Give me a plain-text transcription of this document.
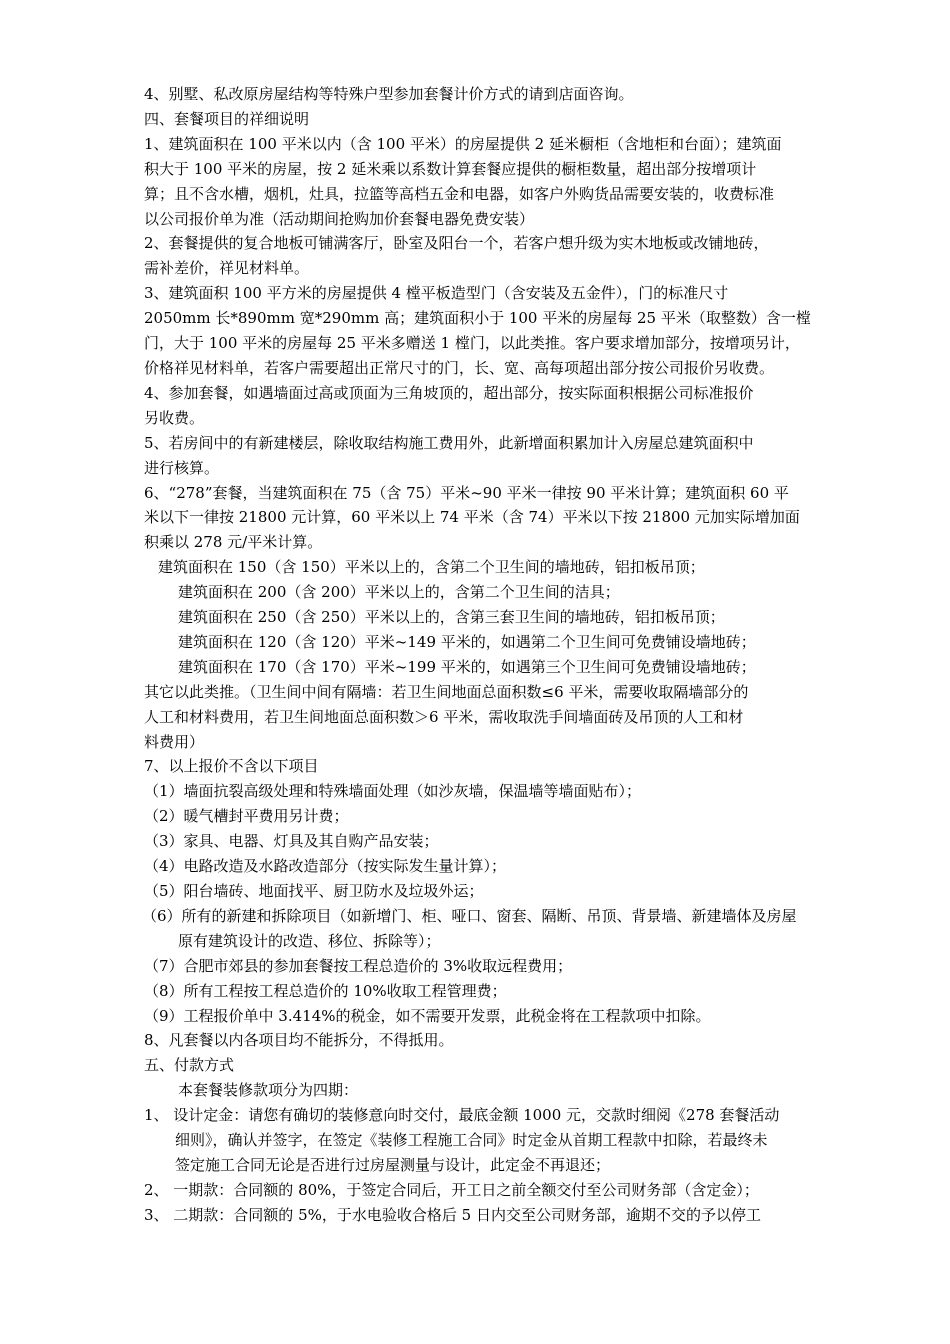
4、别墅、私改原房屋结构等特殊户型参加套餐计价方式的请到店面咨询。
四、套餐项目的祥细说明
1、建筑面积在 100 平米以内（含 100 平米）的房屋提供 2 延米橱柜（含地柜和台面）；建筑面
积大于 100 平米的房屋，按 2 延米乘以系数计算套餐应提供的橱柜数量，超出部分按增项计
算；且不含水槽，烟机，灶具，拉篮等高档五金和电器，如客户外购货品需要安装的，收费标准
以公司报价单为准（活动期间抢购加价套餐电器免费安装）
2、套餐提供的复合地板可铺满客厅，卧室及阳台一个，若客户想升级为实木地板或改铺地砖，
需补差价，祥见材料单。
3、建筑面积 100 平方米的房屋提供 4 樘平板造型门（含安装及五金件），门的标准尺寸
2050mm 长*890mm 宽*290mm 高；建筑面积小于 100 平米的房屋每 25 平米（取整数）含一樘
门，大于 100 平米的房屋每 25 平米多赠送 1 樘门，以此类推。客户要求增加部分，按增项另计，
价格祥见材料单，若客户需要超出正常尺寸的门，长、宽、高每项超出部分按公司报价另收费。
4、参加套餐，如遇墙面过高或顶面为三角坡顶的，超出部分，按实际面积根据公司标准报价
另收费。
5、若房间中的有新建楼层，除收取结构施工费用外，此新增面积累加计入房屋总建筑面积中
进行核算。
6、“278”套餐，当建筑面积在 75（含 75）平米~90 平米一律按 90 平米计算；建筑面积 60 平
米以下一律按 21800 元计算，60 平米以上 74 平米（含 74）平米以下按 21800 元加实际增加面
积乘以 278 元/平米计算。
建筑面积在 150（含 150）平米以上的，含第二个卫生间的墙地砖，铝扣板吊顶；
建筑面积在 200（含 200）平米以上的，含第二个卫生间的洁具；
建筑面积在 250（含 250）平米以上的，含第三套卫生间的墙地砖，铝扣板吊顶；
建筑面积在 120（含 120）平米~149 平米的，如遇第二个卫生间可免费铺设墙地砖；
建筑面积在 170（含 170）平米~199 平米的，如遇第三个卫生间可免费铺设墙地砖；
其它以此类推。（卫生间中间有隔墙：若卫生间地面总面积数≤6 平米，需要收取隔墙部分的
人工和材料费用，若卫生间地面总面积数＞6 平米，需收取洗手间墙面砖及吊顶的人工和材
料费用）
7、以上报价不含以下项目
（1）墙面抗裂高级处理和特殊墙面处理（如沙灰墙，保温墙等墙面贴布）；
（2）暖气槽封平费用另计费；
（3）家具、电器、灯具及其自购产品安装；
（4）电路改造及水路改造部分（按实际发生量计算）；
（5）阳台墙砖、地面找平、厨卫防水及垃圾外运；
（6）所有的新建和拆除项目（如新增门、柜、哑口、窗套、隔断、吊顶、背景墙、新建墙体及房屋
原有建筑设计的改造、移位、拆除等）；
（7）合肥市郊县的参加套餐按工程总造价的 3%收取远程费用；
（8）所有工程按工程总造价的 10%收取工程管理费；
（9）工程报价单中 3.414%的税金，如不需要开发票，此税金将在工程款项中扣除。
8、凡套餐以内各项目均不能拆分，不得抵用。
五、付款方式
本套餐装修款项分为四期：
1、 设计定金：请您有确切的装修意向时交付，最底金额 1000 元，交款时细阅《278 套餐活动
细则》，确认并签字，在签定《装修工程施工合同》时定金从首期工程款中扣除，若最终未
签定施工合同无论是否进行过房屋测量与设计，此定金不再退还；
2、 一期款：合同额的 80%，于签定合同后，开工日之前全额交付至公司财务部（含定金）；
3、 二期款：合同额的 5%，于水电验收合格后 5 日内交至公司财务部，逾期不交的予以停工
